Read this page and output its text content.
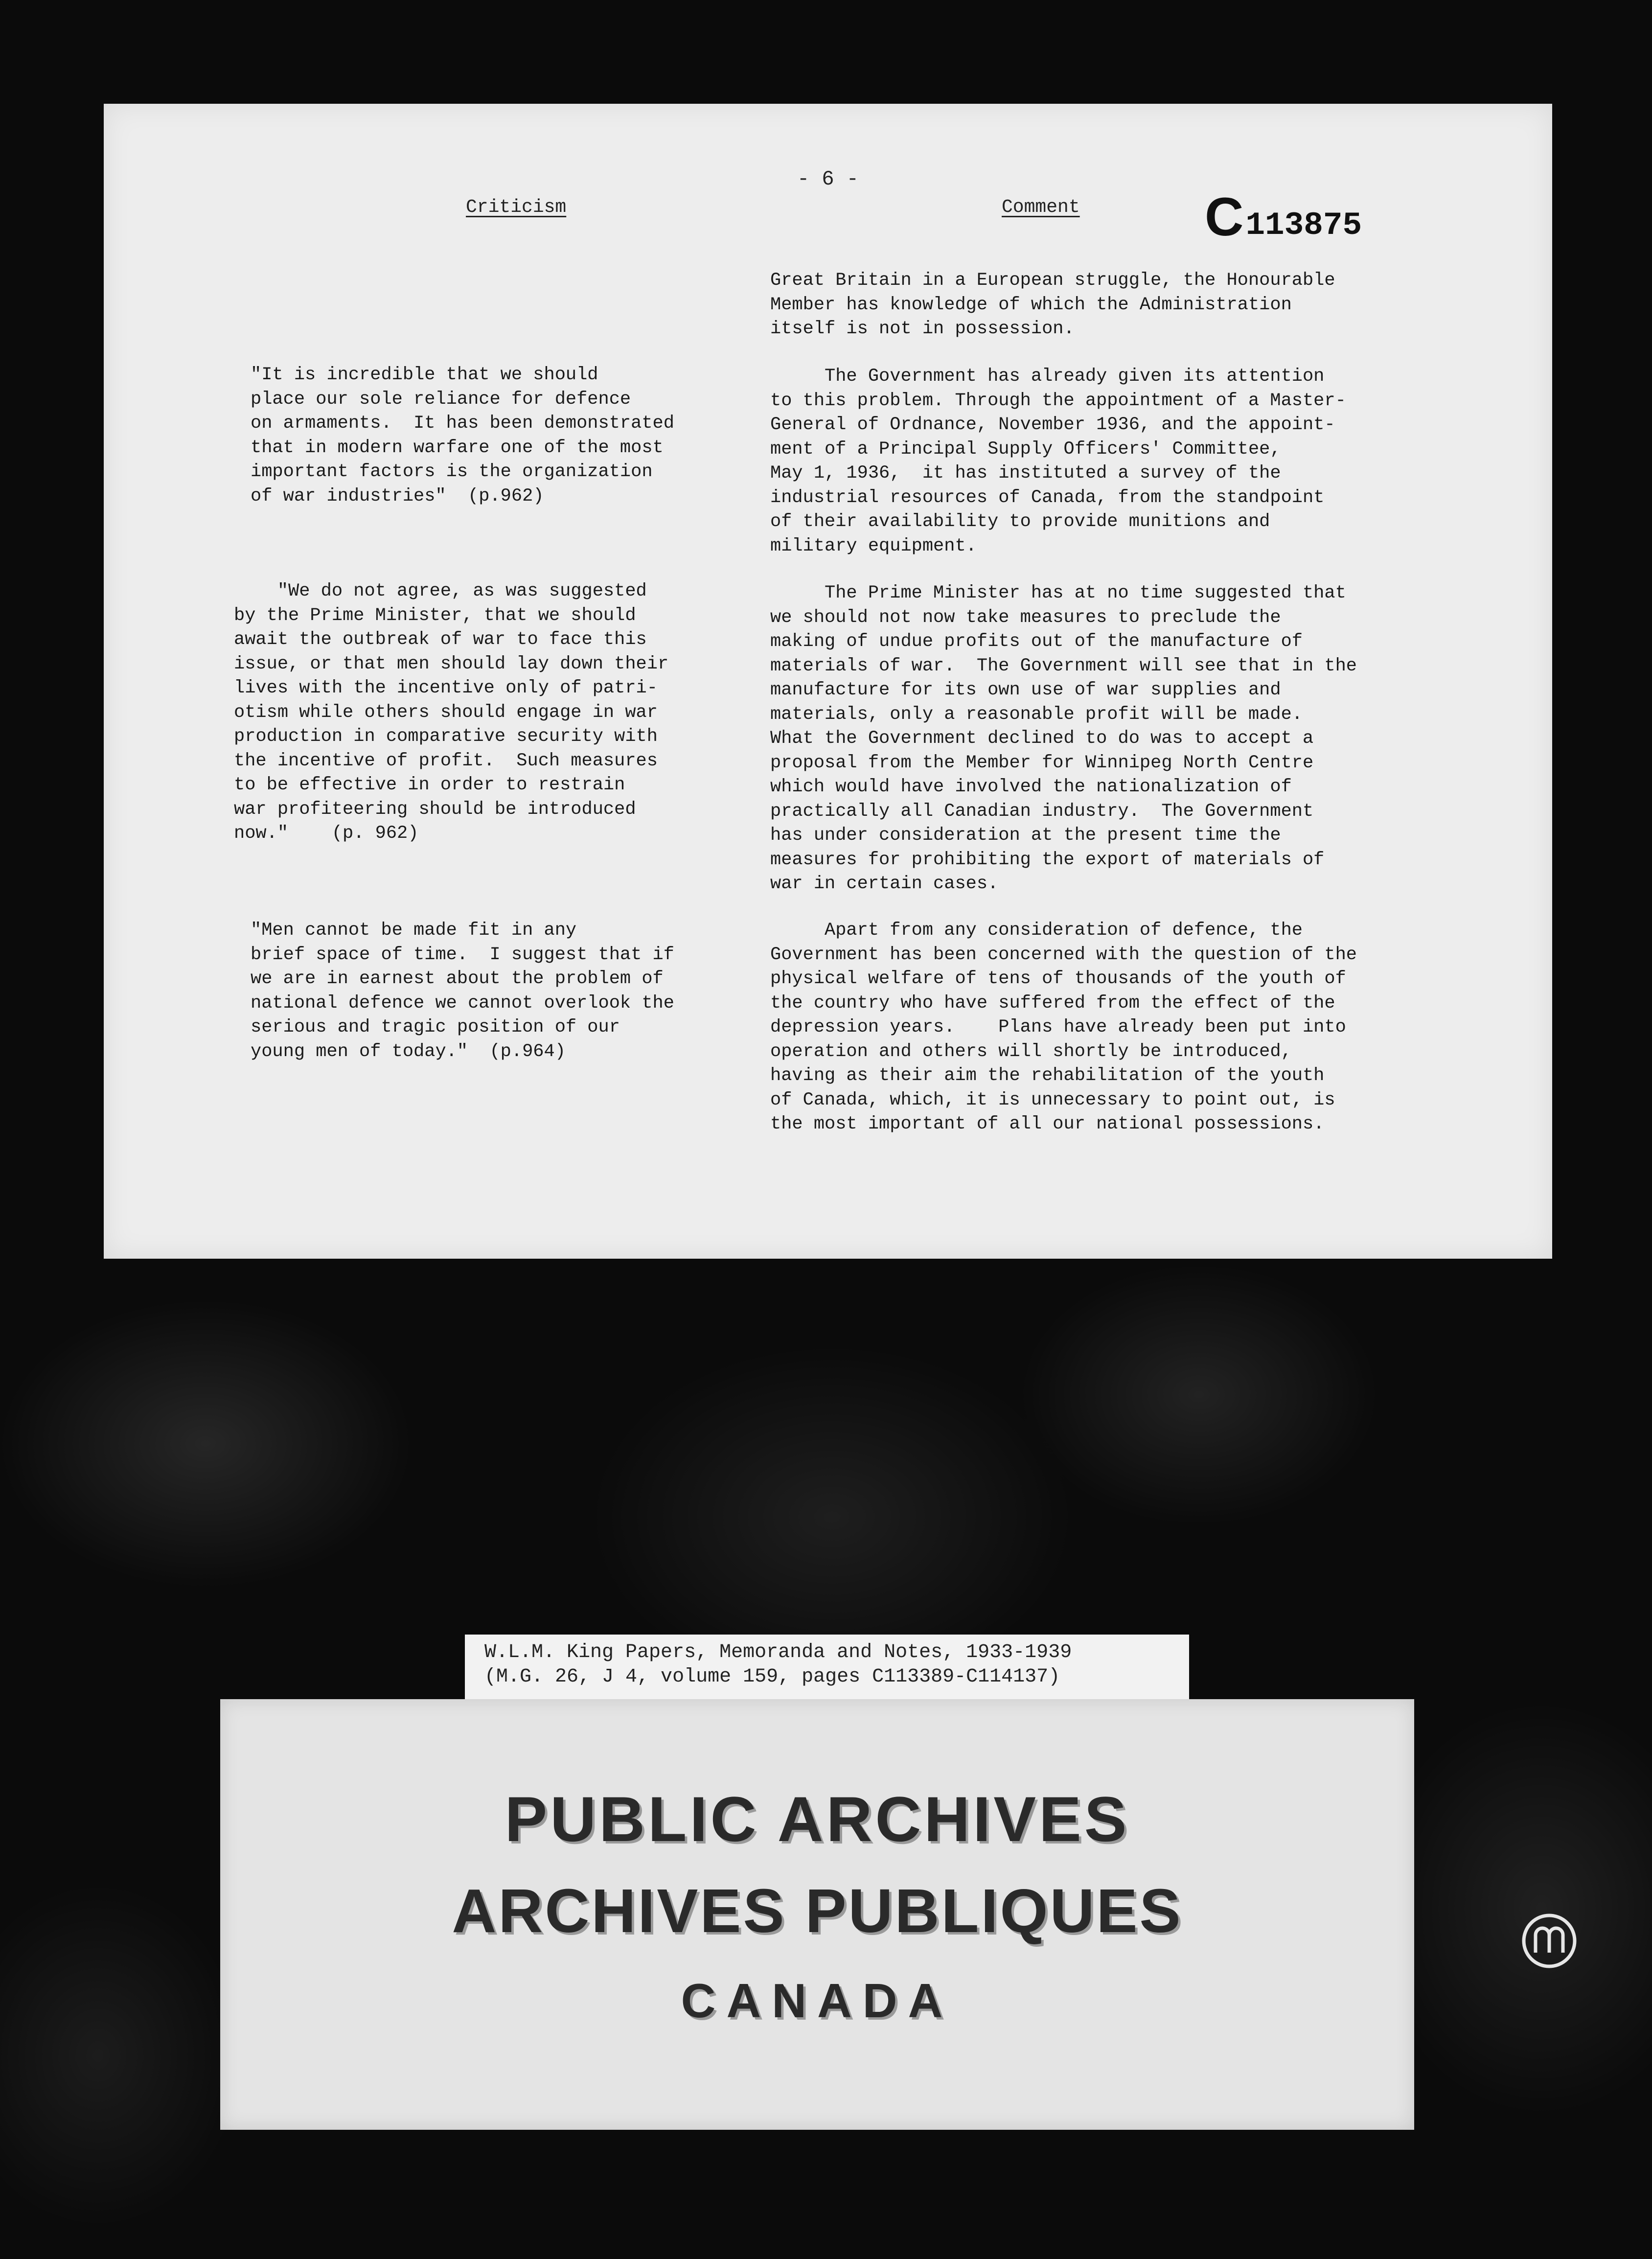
- 6 -
Criticism	Comment C113875

"It is incredible that we should
place our sole reliance for defence
on armaments.  It has been demonstrated
that in modern warfare one of the most
important factors is the organization
of war industries"  (p.962)

"We do not agree, as was suggested
by the Prime Minister, that we should
await the outbreak of war to face this
issue, or that men should lay down their
lives with the incentive only of patri-
otism while others should engage in war
production in comparative security with
the incentive of profit.  Such measures
to be effective in order to restrain
war profiteering should be introduced
now."    (p. 962)

"Men cannot be made fit in any
brief space of time.  I suggest that if
we are in earnest about the problem of
national defence we cannot overlook the
serious and tragic position of our
young men of today."  (p.964)

Great Britain in a European struggle, the Honourable
Member has knowledge of which the Administration
itself is not in possession.

The Government has already given its attention
to this problem. Through the appointment of a Master-
General of Ordnance, November 1936, and the appoint-
ment of a Principal Supply Officers' Committee,
May 1, 1936,  it has instituted a survey of the
industrial resources of Canada, from the standpoint
of their availability to provide munitions and
military equipment.

The Prime Minister has at no time suggested that
we should not now take measures to preclude the
making of undue profits out of the manufacture of
materials of war.  The Government will see that in the
manufacture for its own use of war supplies and
materials, only a reasonable profit will be made.
What the Government declined to do was to accept a
proposal from the Member for Winnipeg North Centre
which would have involved the nationalization of
practically all Canadian industry.  The Government
has under consideration at the present time the
measures for prohibiting the export of materials of
war in certain cases.

Apart from any consideration of defence, the
Government has been concerned with the question of the
physical welfare of tens of thousands of the youth of
the country who have suffered from the effect of the
depression years.    Plans have already been put into
operation and others will shortly be introduced,
having as their aim the rehabilitation of the youth
of Canada, which, it is unnecessary to point out, is
the most important of all our national possessions.

W.L.M. King Papers, Memoranda and Notes, 1933-1939
(M.G. 26, J 4, volume 159, pages C113389-C114137)
PUBLIC ARCHIVES
ARCHIVES PUBLIQUES
CANADA
